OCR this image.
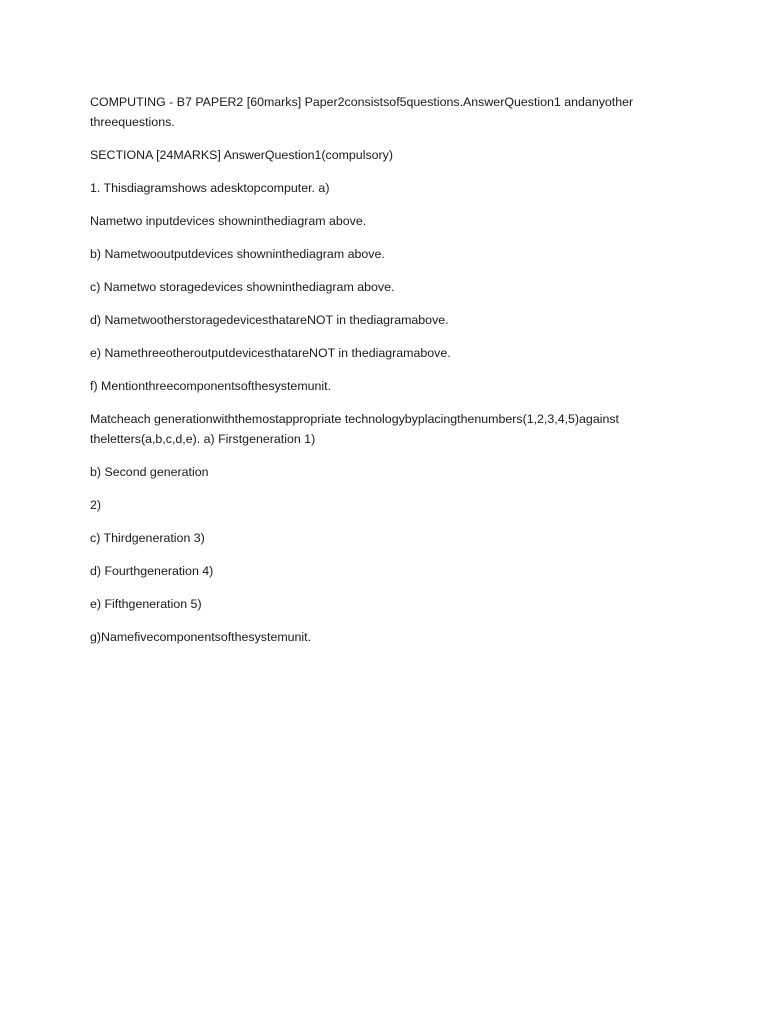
COMPUTING - B7 PAPER2 [60marks] Paper2consistsof5questions.AnswerQuestion1 andanyother threequestions.

SECTIONA [24MARKS] AnswerQuestion1(compulsory)

1. Thisdiagramshows adesktopcomputer. a)

Nametwo inputdevices showninthediagram above.

b) Nametwooutputdevices showninthediagram above.

c) Nametwo storagedevices showninthediagram above.

d) NametwootherstoragedevicesthatareNOT in thediagramabove.

e) NamethreeotheroutputdevicesthatareNOT in thediagramabove.

f) Mentionthreecomponentsofthesystemunit.

Matcheach generationwiththemostappropriate technologybyplacingthenumbers(1,2,3,4,5)against theletters(a,b,c,d,e). a) Firstgeneration 1)

b) Second generation

2)

c) Thirdgeneration 3)

d) Fourthgeneration 4)

e) Fifthgeneration 5)

g)Namefivecomponentsofthesystemunit.
